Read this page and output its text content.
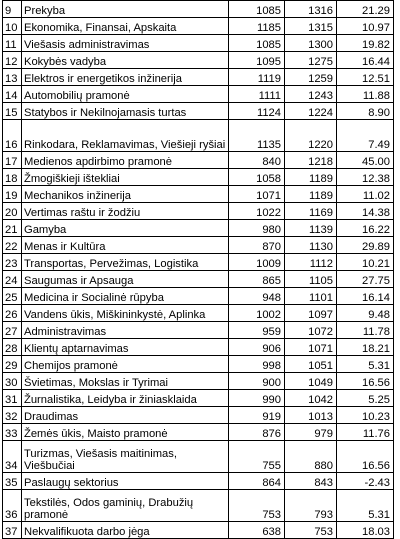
9	Prekyba	1085	1316	21.29
10	Ekonomika, Finansai, Apskaita	1185	1315	10.97
11	Viešasis administravimas	1085	1300	19.82
12	Kokybės vadyba	1095	1275	16.44
13	Elektros ir energetikos inžinerija	1119	1259	12.51
14	Automobilių pramonė	1111	1243	11.88
15	Statybos ir Nekilnojamasis turtas	1124	1224	8.90
16	Rinkodara, Reklamavimas, Viešieji ryšiai	1135	1220	7.49
17	Medienos apdirbimo pramonė	840	1218	45.00
18	Žmogiškieji ištekliai	1058	1189	12.38
19	Mechanikos inžinerija	1071	1189	11.02
20	Vertimas raštu ir žodžiu	1022	1169	14.38
21	Gamyba	980	1139	16.22
22	Menas ir Kultūra	870	1130	29.89
23	Transportas, Pervežimas, Logistika	1009	1112	10.21
24	Saugumas ir Apsauga	865	1105	27.75
25	Medicina ir Socialinė rūpyba	948	1101	16.14
26	Vandens ūkis, Miškininkystė, Aplinka	1002	1097	9.48
27	Administravimas	959	1072	11.78
28	Klientų aptarnavimas	906	1071	18.21
29	Chemijos pramonė	998	1051	5.31
30	Švietimas, Mokslas ir Tyrimai	900	1049	16.56
31	Žurnalistika, Leidyba ir žiniasklaida	990	1042	5.25
32	Draudimas	919	1013	10.23
33	Žemės ūkis, Maisto pramonė	876	979	11.76
34	Turizmas, Viešasis maitinimas, Viešbučiai	755	880	16.56
35	Paslaugų sektorius	864	843	-2.43
36	Tekstilės, Odos gaminių, Drabužių pramonė	753	793	5.31
37	Nekvalifikuota darbo jėga	638	753	18.03
